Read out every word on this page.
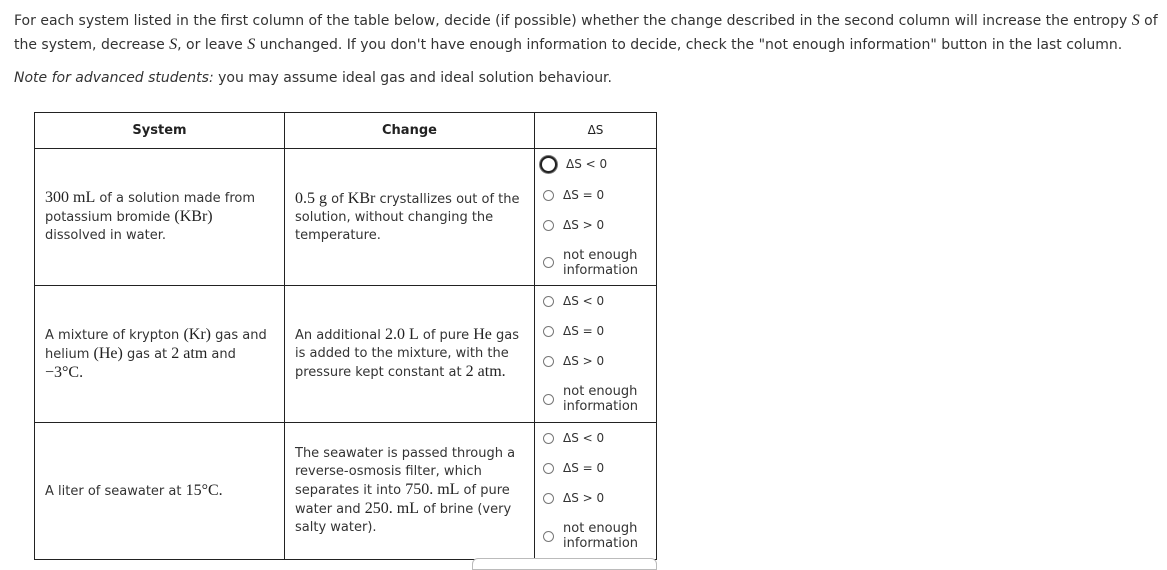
For each system listed in the first column of the table below, decide (if possible) whether the change described in the second column will increase the entropy S of the system, decrease S, or leave S unchanged. If you don't have enough information to decide, check the "not enough information" button in the last column.

Note for advanced students: you may assume ideal gas and ideal solution behaviour.
System	Change	ΔS
300 mL of a solution made from potassium bromide (KBr) dissolved in water.	0.5 g of KBr crystallizes out of the solution, without changing the temperature.	ΔS < 0
ΔS = 0
ΔS > 0
not enough
information

A mixture of krypton (Kr) gas and helium (He) gas at 2 atm and
−3°C.	An additional 2.0 L of pure He gas is added to the mixture, with the pressure kept constant at 2 atm.	ΔS < 0
ΔS = 0
ΔS > 0
not enough
information

A liter of seawater at 15°C.	The seawater is passed through a reverse-osmosis filter, which separates it into 750. mL of pure water and 250. mL of brine (very salty water).	ΔS < 0
ΔS = 0
ΔS > 0
not enough
information
